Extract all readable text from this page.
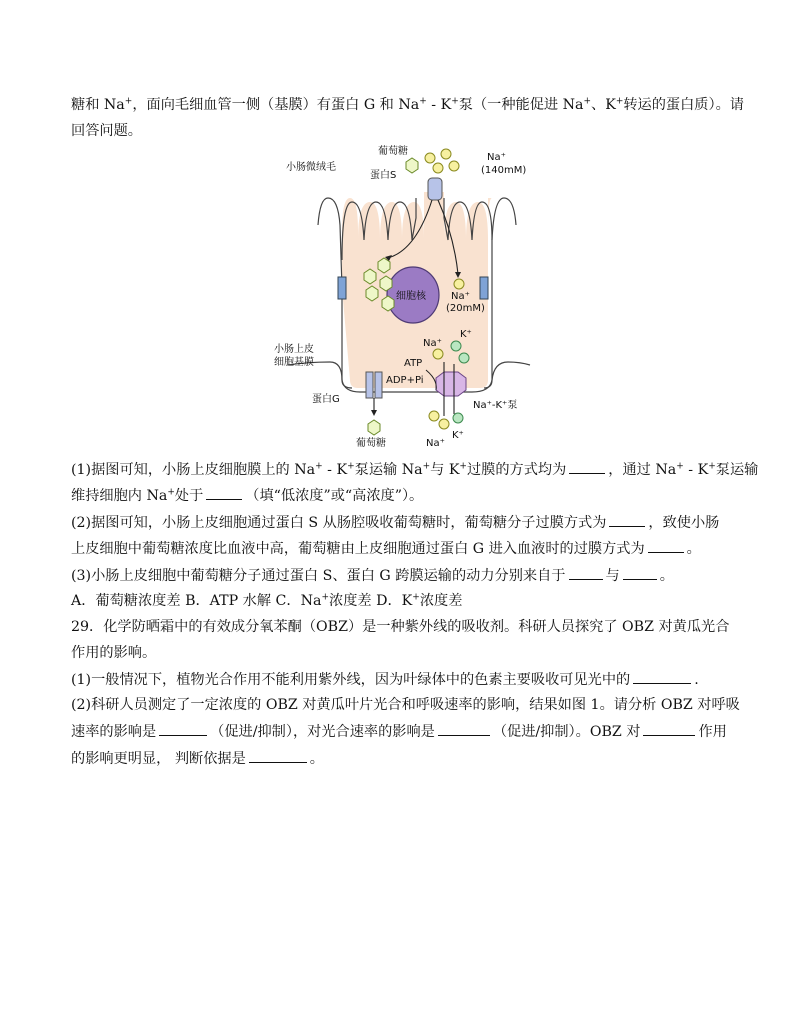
糖和 Na+，面向毛细血管一侧（基膜）有蛋白 G 和 Na+ - K+泵（一种能促进 Na+、K+转运的蛋白质）。请
回答问题。
细胞核
葡萄糖
小肠微绒毛
蛋白S
Na⁺
(140mM)
Na⁺
(20mM)
小肠上皮
细胞基膜
Na⁺
K⁺
ATP
ADP+Pi
蛋白G
Na⁺-K⁺泵
葡萄糖
K⁺
Na⁺
(1)据图可知，小肠上皮细胞膜上的 Na+ - K+泵运输 Na+与 K+过膜的方式均为	，通过 Na+ - K+泵运输
维持细胞内 Na+处于	（填“低浓度”或“高浓度”）。
(2)据图可知，小肠上皮细胞通过蛋白 S 从肠腔吸收葡萄糖时，葡萄糖分子过膜方式为	，致使小肠
上皮细胞中葡萄糖浓度比血液中高，葡萄糖由上皮细胞通过蛋白 G 进入血液时的过膜方式为	。
(3)小肠上皮细胞中葡萄糖分子通过蛋白 S、蛋白 G 跨膜运输的动力分别来自于	与	。
A．葡萄糖浓度差 B．ATP 水解 C．Na+浓度差 D．K+浓度差
29．化学防晒霜中的有效成分氧苯酮（OBZ）是一种紫外线的吸收剂。科研人员探究了 OBZ 对黄瓜光合
作用的影响。
(1)一般情况下，植物光合作用不能利用紫外线，因为叶绿体中的色素主要吸收可见光中的	.
(2)科研人员测定了一定浓度的 OBZ 对黄瓜叶片光合和呼吸速率的影响，结果如图 1。请分析 OBZ 对呼吸
速率的影响是	（促进/抑制），对光合速率的影响是	（促进/抑制）。OBZ 对	作用
的影响更明显， 判断依据是	。
